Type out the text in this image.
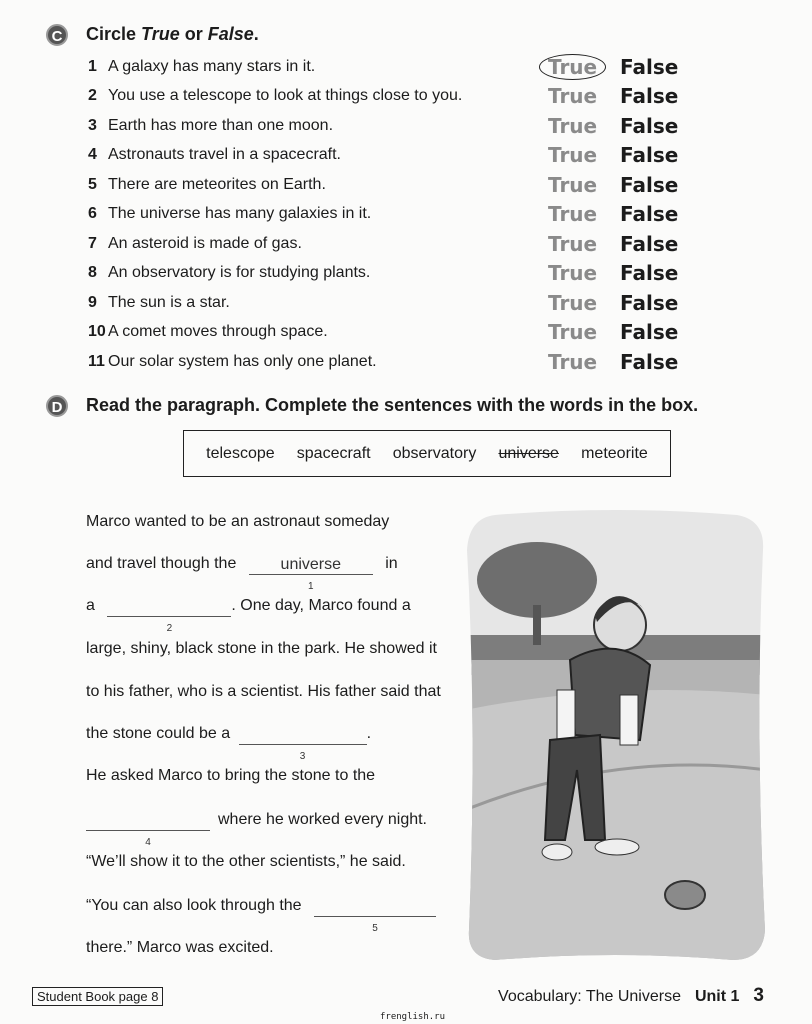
C	Circle True or False.
1 A galaxy has many stars in it.	True	False
2 You use a telescope to look at things close to you.	True False
3 Earth has more than one moon.	True False
4 Astronauts travel in a spacecraft.	True False
5 There are meteorites on Earth.	True False
6 The universe has many galaxies in it.	True False
7 An asteroid is made of gas.	True False
8 An observatory is for studying plants.	True False
9 The sun is a star.	True False
10 A comet moves through space.	True False
11 Our solar system has only one planet.	True False
D	Read the paragraph. Complete the sentences with the words in the box.
telescope spacecraft observatory universe meteorite
Marco wanted to be an astronaut someday
and travel though the	universe
1
in
a
2
. One day, Marco found a
large, shiny, black stone in the park. He showed it
to his father, who is a scientist. His father said that
the stone could be a
3
.
He asked Marco to bring the stone to the
4
where he worked every night.
“We’ll show it to the other scientists,” he said.
“You can also look through the
5
there.” Marco was excited.
Student Book page 8	Vocabulary: The Universe Unit 1 3
frenglish.ru
